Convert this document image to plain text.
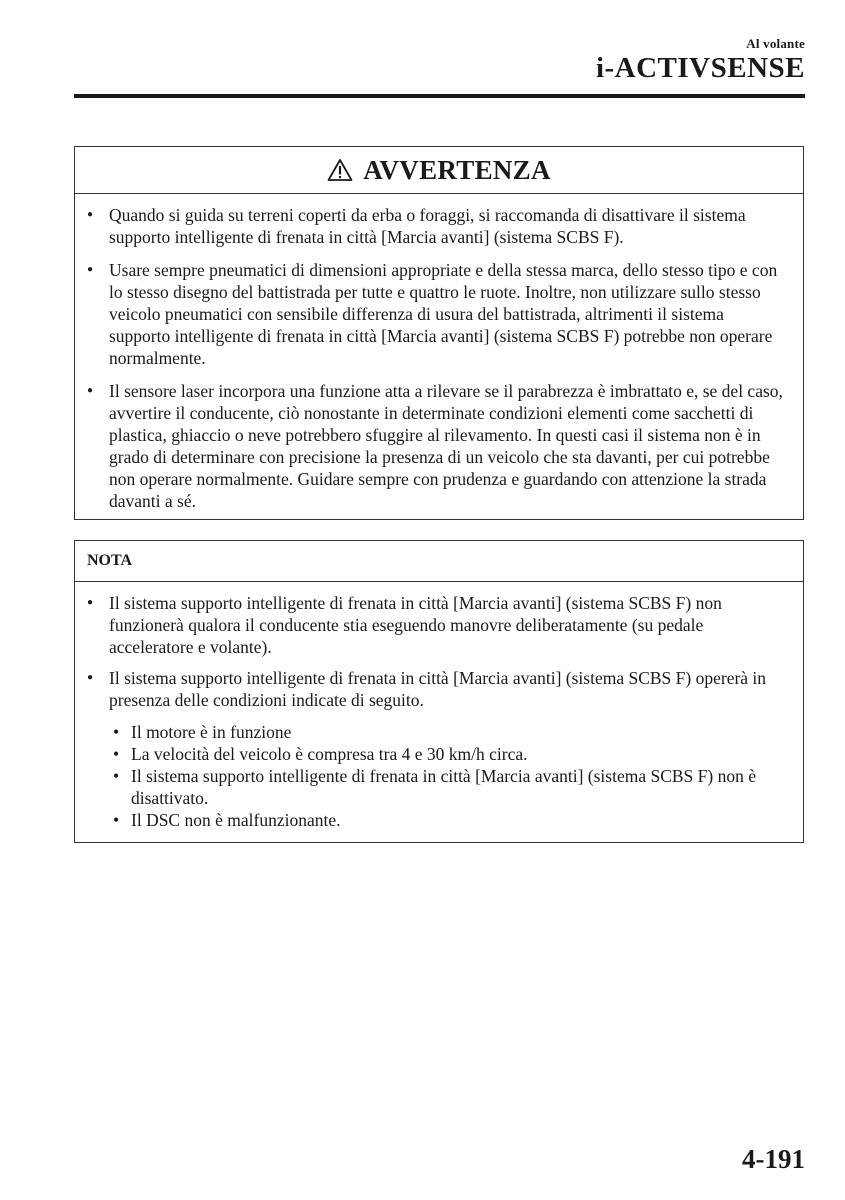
Al volante
i-ACTIVSENSE
AVVERTENZA
● Quando si guida su terreni coperti da erba o foraggi, si raccomanda di disattivare il sistema supporto intelligente di frenata in città [Marcia avanti] (sistema SCBS F).
● Usare sempre pneumatici di dimensioni appropriate e della stessa marca, dello stesso tipo e con lo stesso disegno del battistrada per tutte e quattro le ruote. Inoltre, non utilizzare sullo stesso veicolo pneumatici con sensibile differenza di usura del battistrada, altrimenti il sistema supporto intelligente di frenata in città [Marcia avanti] (sistema SCBS F) potrebbe non operare normalmente.
● Il sensore laser incorpora una funzione atta a rilevare se il parabrezza è imbrattato e, se del caso, avvertire il conducente, ciò nonostante in determinate condizioni elementi come sacchetti di plastica, ghiaccio o neve potrebbero sfuggire al rilevamento. In questi casi il sistema non è in grado di determinare con precisione la presenza di un veicolo che sta davanti, per cui potrebbe non operare normalmente. Guidare sempre con prudenza e guardando con attenzione la strada davanti a sé.
NOTA
● Il sistema supporto intelligente di frenata in città [Marcia avanti] (sistema SCBS F) non funzionerà qualora il conducente stia eseguendo manovre deliberatamente (su pedale acceleratore e volante).
● Il sistema supporto intelligente di frenata in città [Marcia avanti] (sistema SCBS F) opererà in presenza delle condizioni indicate di seguito.
• Il motore è in funzione
• La velocità del veicolo è compresa tra 4 e 30 km/h circa.
• Il sistema supporto intelligente di frenata in città [Marcia avanti] (sistema SCBS F) non è disattivato.
• Il DSC non è malfunzionante.
4-191
